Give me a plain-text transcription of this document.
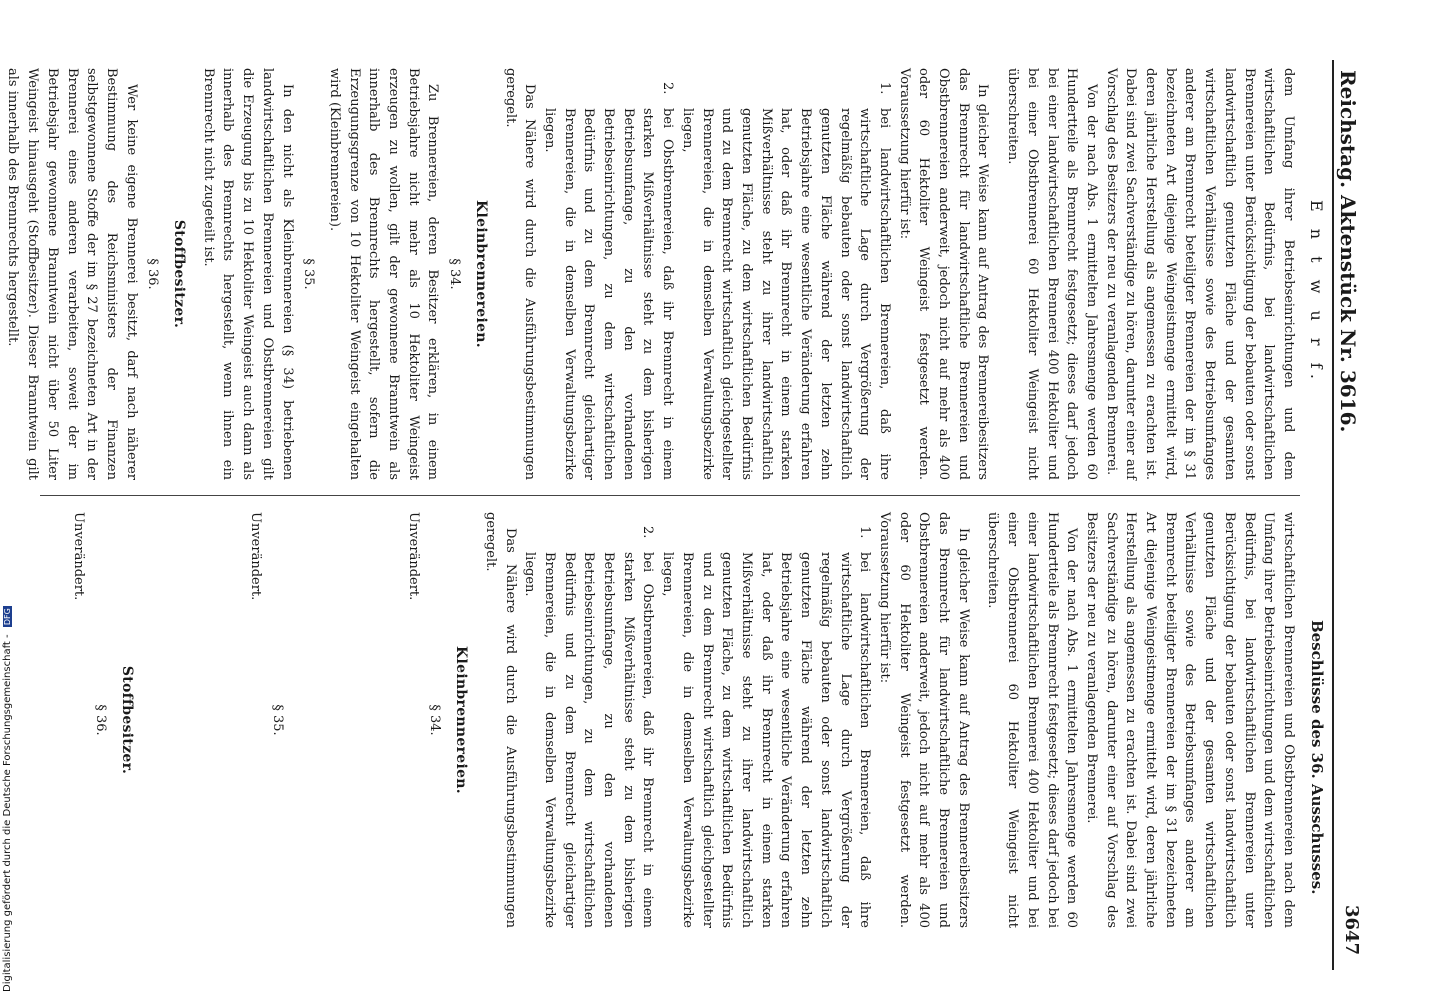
Reichstag. Aktenstück Nr. 3616.
3647
E n t w u r f.
Beschlüsse des 36. Ausschusses.

dem Umfang ihrer Betriebseinrichtungen und dem wirtschaftlichen Bedürfnis, bei landwirtschaftlichen Brennereien unter Berücksichtigung der bebauten oder sonst landwirtschaftlich genutzten Fläche und der gesamten wirtschaftlichen Verhältnisse sowie des Betriebsumfanges anderer am Brennrecht beteiligter Brennereien der im § 31 bezeichneten Art diejenige Weingeistmenge ermittelt wird, deren jährliche Herstellung als angemessen zu erachten ist. Dabei sind zwei Sachverständige zu hören, darunter einer auf Vorschlag des Besitzers der neu zu veranlagenden Brennerei.

Von der nach Abs. 1 ermittelten Jahresmenge werden 60 Hundertteile als Brennrecht festgesetzt; dieses darf jedoch bei einer landwirtschaftlichen Brennerei 400 Hektoliter und bei einer Obstbrennerei 60 Hektoliter Weingeist nicht überschreiten.

In gleicher Weise kann auf Antrag des Brennereibesitzers das Brennrecht für landwirtschaftliche Brennereien und Obstbrennereien anderweit, jedoch nicht auf mehr als 400 oder 60 Hektoliter Weingeist festgesetzt werden. Voraussetzung hierfür ist:

1.
bei landwirtschaftlichen Brennereien, daß ihre wirtschaftliche Lage durch Vergrößerung der regelmäßig bebauten oder sonst landwirtschaftlich genutzten Fläche während der letzten zehn Betriebsjahre eine wesentliche Veränderung erfahren hat, oder daß ihr Brennrecht in einem starken Mißverhältnisse steht zu ihrer landwirtschaftlich genutzten Fläche, zu dem wirtschaftlichen Bedürfnis und zu dem Brennrecht wirtschaftlich gleichgestellter Brennereien, die in demselben Verwaltungsbezirke liegen,

2.
bei Obstbrennereien, daß ihr Brennrecht in einem starken Mißverhältnisse steht zu dem bisherigen Betriebsumfange, zu den vorhandenen Betriebseinrichtungen, zu dem wirtschaftlichen Bedürfnis und zu dem Brennrecht gleichartiger Brennereien, die in demselben Verwaltungsbezirke liegen.

Das Nähere wird durch die Ausführungsbestimmungen geregelt.

Kleinbrennereien.
§ 34.

Zu Brennereien, deren Besitzer erklären, in einem Betriebsjahre nicht mehr als 10 Hektoliter Weingeist erzeugen zu wollen, gilt der gewonnene Branntwein als innerhalb des Brennrechts hergestellt, sofern die Erzeugungsgrenze von 10 Hektoliter Weingeist eingehalten wird (Kleinbrennereien).

§ 35.

In den nicht als Kleinbrennereien (§ 34) betriebenen landwirtschaftlichen Brennereien und Obstbrennereien gilt die Erzeugung bis zu 10 Hektoliter Weingeist auch dann als innerhalb des Brennrechts hergestellt, wenn ihnen ein Brennrecht nicht zugeteilt ist.

Stoffbesitzer.
§ 36.

Wer keine eigene Brennerei besitzt, darf nach näherer Bestimmung des Reichsministers der Finanzen selbstgewonnene Stoffe der im § 27 bezeichneten Art in der Brennerei eines anderen verarbeiten, soweit der im Betriebsjahr gewonnene Branntwein nicht über 50 Liter Weingeist hinausgeht (Stoffbesitzer). Dieser Branntwein gilt als innerhalb des Brennrechts hergestellt.

wirtschaftlichen Brennereien und Obstbrennereien nach dem Umfang ihrer Betriebseinrichtungen und dem wirtschaftlichen Bedürfnis, bei landwirtschaftlichen Brennereien unter Berücksichtigung der bebauten oder sonst landwirtschaftlich genutzten Fläche und der gesamten wirtschaftlichen Verhältnisse sowie des Betriebsumfanges anderer am Brennrecht beteiligter Brennereien der im § 31 bezeichneten Art diejenige Weingeistmenge ermittelt wird, deren jährliche Herstellung als angemessen zu erachten ist. Dabei sind zwei Sachverständige zu hören, darunter einer auf Vorschlag des Besitzers der neu zu veranlagenden Brennerei.

Von der nach Abs. 1 ermittelten Jahresmenge werden 60 Hundertteile als Brennrecht festgesetzt; dieses darf jedoch bei einer landwirtschaftlichen Brennerei 400 Hektoliter und bei einer Obstbrennerei 60 Hektoliter Weingeist nicht überschreiten.

In gleicher Weise kann auf Antrag des Brennereibesitzers das Brennrecht für landwirtschaftliche Brennereien und Obstbrennereien anderweit, jedoch nicht auf mehr als 400 oder 60 Hektoliter Weingeist festgesetzt werden. Voraussetzung hierfür ist:

1.
bei landwirtschaftlichen Brennereien, daß ihre wirtschaftliche Lage durch Vergrößerung der regelmäßig bebauten oder sonst landwirtschaftlich genutzten Fläche während der letzten zehn Betriebsjahre eine wesentliche Veränderung erfahren hat, oder daß ihr Brennrecht in einem starken Mißverhältnisse steht zu ihrer landwirtschaftlich genutzten Fläche, zu dem wirtschaftlichen Bedürfnis und zu dem Brennrecht wirtschaftlich gleichgestellter Brennereien, die in demselben Verwaltungsbezirke liegen,

2.
bei Obstbrennereien, daß ihr Brennrecht in einem starken Mißverhältnisse steht zu dem bisherigen Betriebsumfange, zu den vorhandenen Betriebseinrichtungen, zu dem wirtschaftlichen Bedürfnis und zu dem Brennrecht gleichartiger Brennereien, die in demselben Verwaltungsbezirke liegen.

Das Nähere wird durch die Ausführungsbestimmungen geregelt.

Kleinbrennereien.
§ 34.

Unverändert.

§ 35.

Unverändert.

Stoffbesitzer.
§ 36.

Unverändert.

Digitalisierung gefördert durch die Deutsche Forschungsgemeinschaft - DFG
